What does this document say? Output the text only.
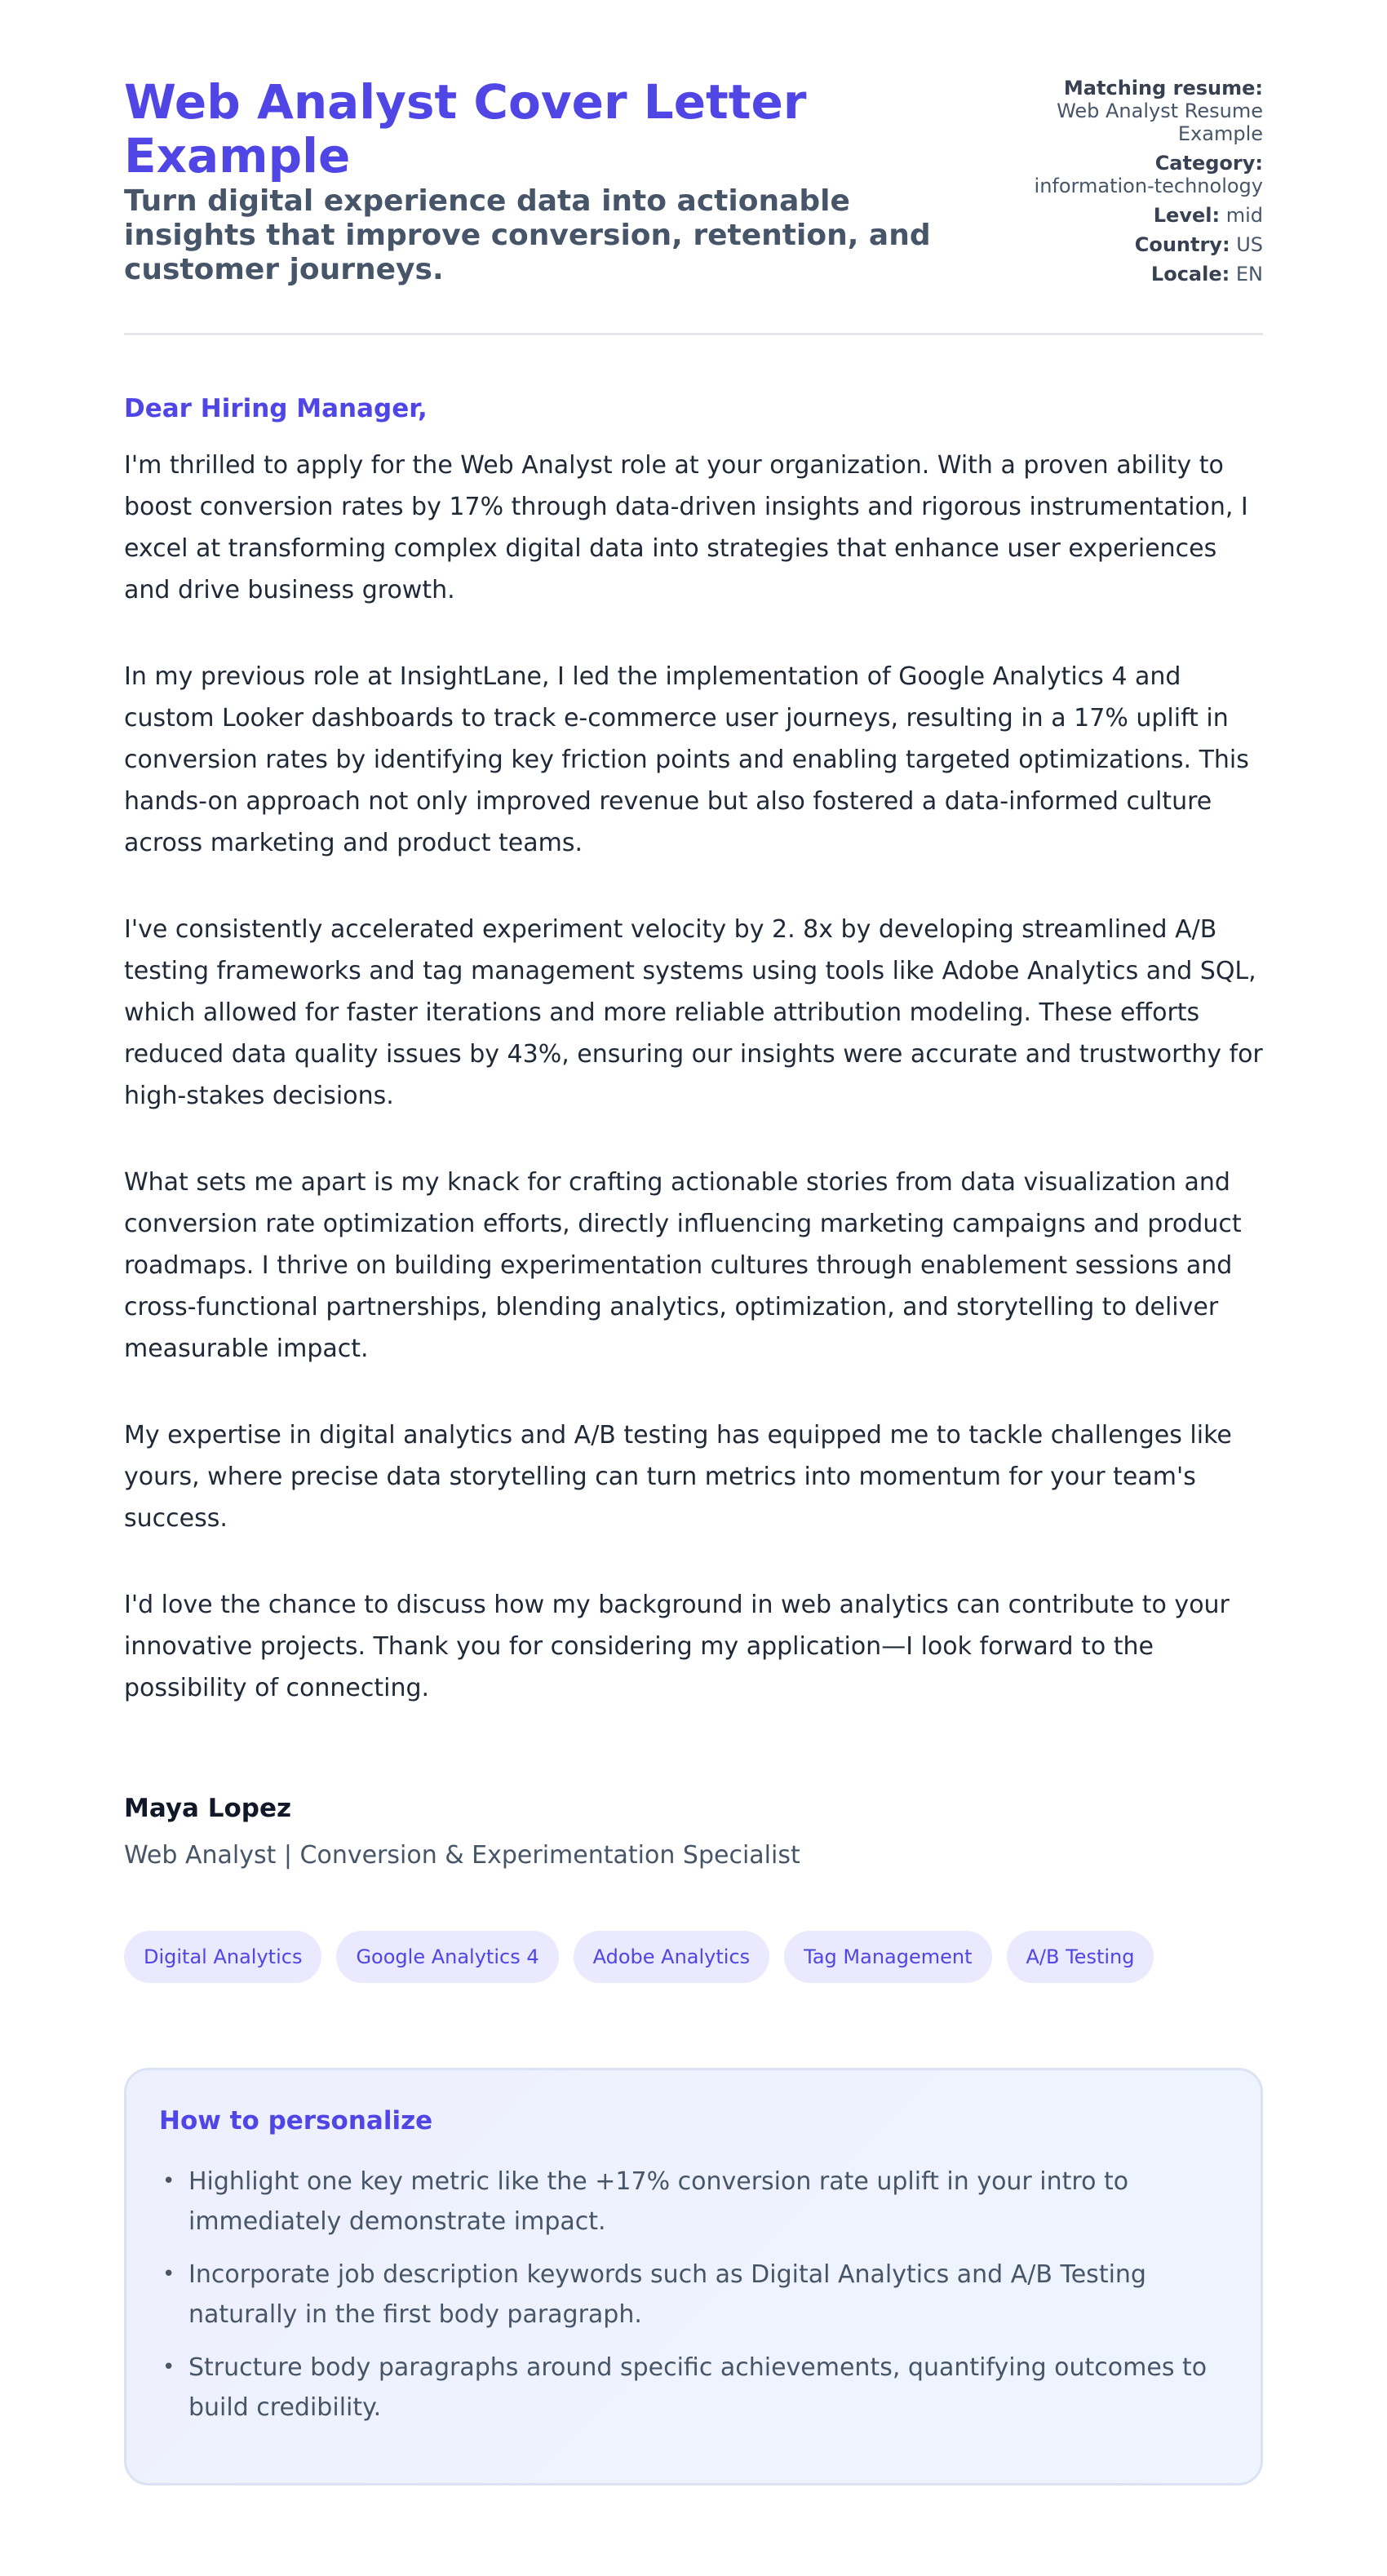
Web Analyst Cover Letter Example

Turn digital experience data into actionable insights that improve conversion, retention, and customer journeys.

Matching resume:
Web Analyst Resume Example
Category:
information-technology
Level: mid
Country: US
Locale: EN
Dear Hiring Manager,

I'm thrilled to apply for the Web Analyst role at your organization. With a proven ability to boost conversion rates by 17% through data-driven insights and rigorous instrumentation, I excel at transforming complex digital data into strategies that enhance user experiences and drive business growth.

In my previous role at InsightLane, I led the implementation of Google Analytics 4 and custom Looker dashboards to track e-commerce user journeys, resulting in a 17% uplift in conversion rates by identifying key friction points and enabling targeted optimizations. This hands-on approach not only improved revenue but also fostered a data-informed culture across marketing and product teams.

I've consistently accelerated experiment velocity by 2. 8x by developing streamlined A/B testing frameworks and tag management systems using tools like Adobe Analytics and SQL, which allowed for faster iterations and more reliable attribution modeling. These efforts reduced data quality issues by 43%, ensuring our insights were accurate and trustworthy for high-stakes decisions.

What sets me apart is my knack for crafting actionable stories from data visualization and conversion rate optimization efforts, directly influencing marketing campaigns and product roadmaps. I thrive on building experimentation cultures through enablement sessions and cross-functional partnerships, blending analytics, optimization, and storytelling to deliver measurable impact.

My expertise in digital analytics and A/B testing has equipped me to tackle challenges like yours, where precise data storytelling can turn metrics into momentum for your team's success.

I'd love the chance to discuss how my background in web analytics can contribute to your innovative projects. Thank you for considering my application—I look forward to the possibility of connecting.

Maya Lopez
Web Analyst | Conversion & Experimentation Specialist
Digital Analytics	Google Analytics 4	Adobe Analytics	Tag Management	A/B Testing
How to personalize
• Highlight one key metric like the +17% conversion rate uplift in your intro to immediately demonstrate impact.
• Incorporate job description keywords such as Digital Analytics and A/B Testing naturally in the first body paragraph.
• Structure body paragraphs around specific achievements, quantifying outcomes to build credibility.
